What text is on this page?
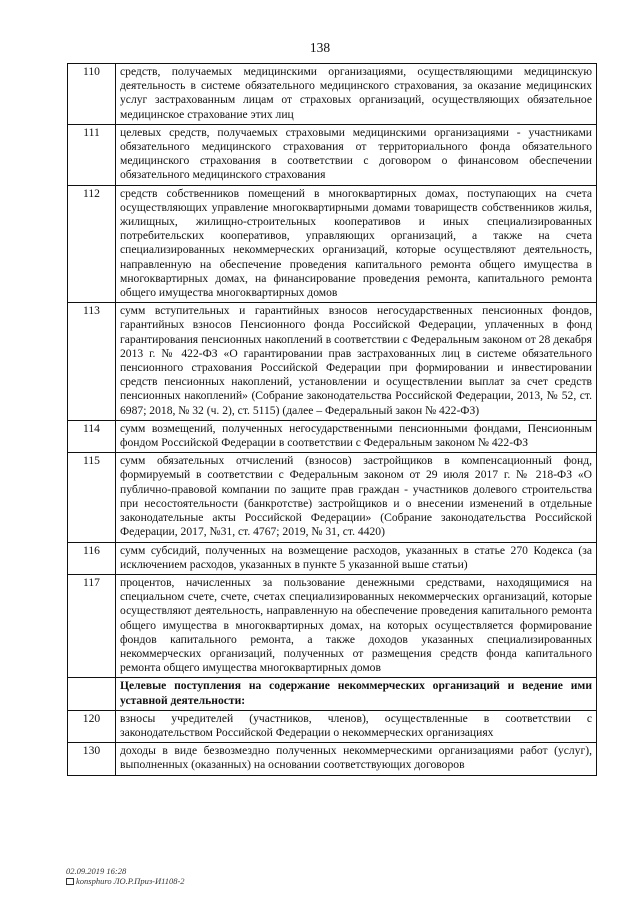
138
110	средств, получаемых медицинскими организациями, осуществляющими медицинскую деятельность в системе обязательного медицинского страхования, за оказание медицинских услуг застрахованным лицам от страховых организаций, осуществляющих обязательное медицинское страхование этих лиц
111	целевых средств, получаемых страховыми медицинскими организациями - участниками обязательного медицинского страхования от территориального фонда обязательного медицинского страхования в соответствии с договором о финансовом обеспечении обязательного медицинского страхования
112	средств собственников помещений в многоквартирных домах, поступающих на счета осуществляющих управление многоквартирными домами товариществ собственников жилья, жилищных, жилищно-строительных кооперативов и иных специализированных потребительских кооперативов, управляющих организаций, а также на счета специализированных некоммерческих организаций, которые осуществляют деятельность, направленную на обеспечение проведения капитального ремонта общего имущества в многоквартирных домах, на финансирование проведения ремонта, капитального ремонта общего имущества многоквартирных домов
113	сумм вступительных и гарантийных взносов негосударственных пенсионных фондов, гарантийных взносов Пенсионного фонда Российской Федерации, уплаченных в фонд гарантирования пенсионных накоплений в соответствии с Федеральным законом от 28 декабря 2013 г. № 422-ФЗ «О гарантировании прав застрахованных лиц в системе обязательного пенсионного страхования Российской Федерации при формировании и инвестировании средств пенсионных накоплений, установлении и осуществлении выплат за счет средств пенсионных накоплений» (Собрание законодательства Российской Федерации, 2013, № 52, ст. 6987; 2018, № 32 (ч. 2), ст. 5115) (далее – Федеральный закон № 422-ФЗ)
114	сумм возмещений, полученных негосударственными пенсионными фондами, Пенсионным фондом Российской Федерации в соответствии с Федеральным законом № 422-ФЗ
115	сумм обязательных отчислений (взносов) застройщиков в компенсационный фонд, формируемый в соответствии с Федеральным законом от 29 июля 2017 г. № 218-ФЗ «О публично-правовой компании по защите прав граждан - участников долевого строительства при несостоятельности (банкротстве) застройщиков и о внесении изменений в отдельные законодательные акты Российской Федерации» (Собрание законодательства Российской Федерации, 2017, №31, ст. 4767; 2019, № 31, ст. 4420)
116	сумм субсидий, полученных на возмещение расходов, указанных в статье 270 Кодекса (за исключением расходов, указанных в пункте 5 указанной выше статьи)
117	процентов, начисленных за пользование денежными средствами, находящимися на специальном счете, счете, счетах специализированных некоммерческих организаций, которые осуществляют деятельность, направленную на обеспечение проведения капитального ремонта общего имущества в многоквартирных домах, на которых осуществляется формирование фондов капитального ремонта, а также доходов указанных специализированных некоммерческих организаций, полученных от размещения средств фонда капитального ремонта общего имущества многоквартирных домов
	Целевые поступления на содержание некоммерческих организаций и ведение ими уставной деятельности:
120	взносы учредителей (участников, членов), осуществленные в соответствии с законодательством Российской Федерации о некоммерческих организациях
130	доходы в виде безвозмездно полученных некоммерческими организациями работ (услуг), выполненных (оказанных) на основании соответствующих договоров
02.09.2019 16:28
konsphuro ЛО.Р.Приз-И1108-2
